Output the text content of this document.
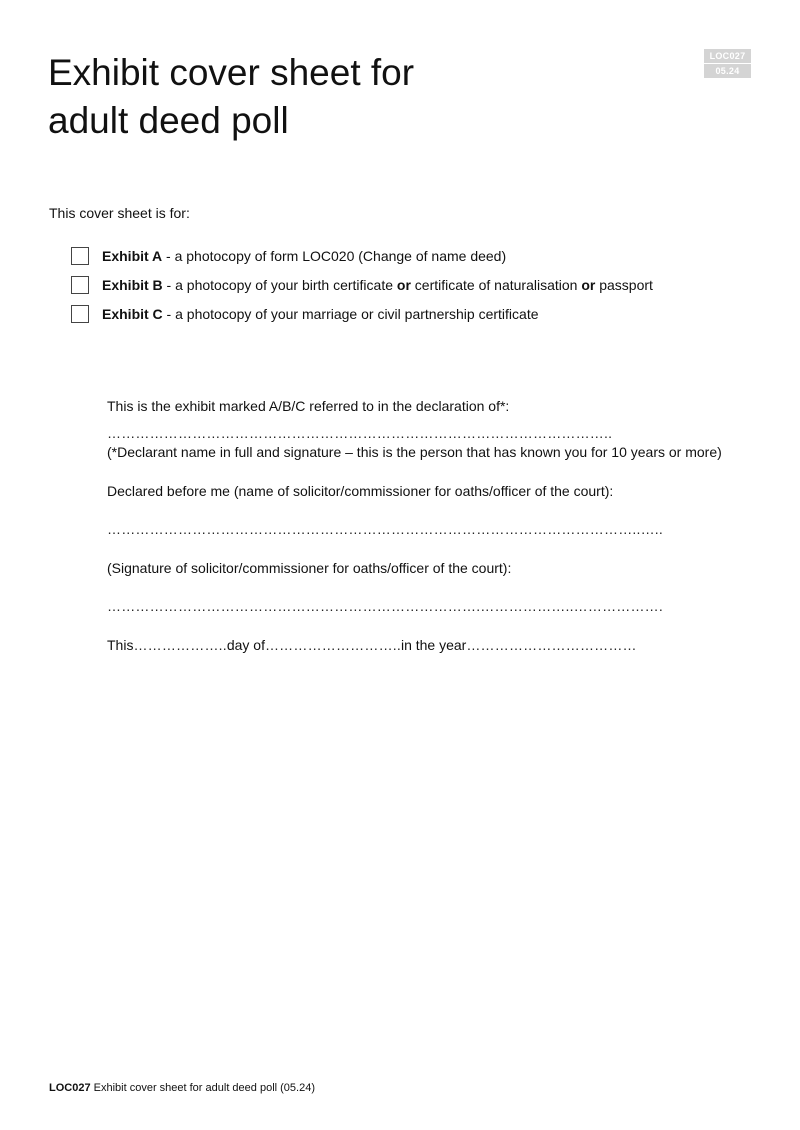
LOC027
05.24
Exhibit cover sheet for
adult deed poll
This cover sheet is for:
Exhibit A - a photocopy of form LOC020 (Change of name deed)
Exhibit B - a photocopy of your birth certificate or certificate of naturalisation or passport
Exhibit C - a photocopy of your marriage or civil partnership certificate
This is the exhibit marked A/B/C referred to in the declaration of*:
……………………………………………………………………………………………..
(*Declarant name in full and signature – this is the person that has known you for 10 years or more)
Declared before me (name of solicitor/commissioner for oaths/officer of the court):
…………………………………………………………………………………………………..…..
(Signature of solicitor/commissioner for oaths/officer of the court):
…………………………………………………………………….………………..……………….
This………………..day of………………………..in the year………………………………
LOC027 Exhibit cover sheet for adult deed poll (05.24)
